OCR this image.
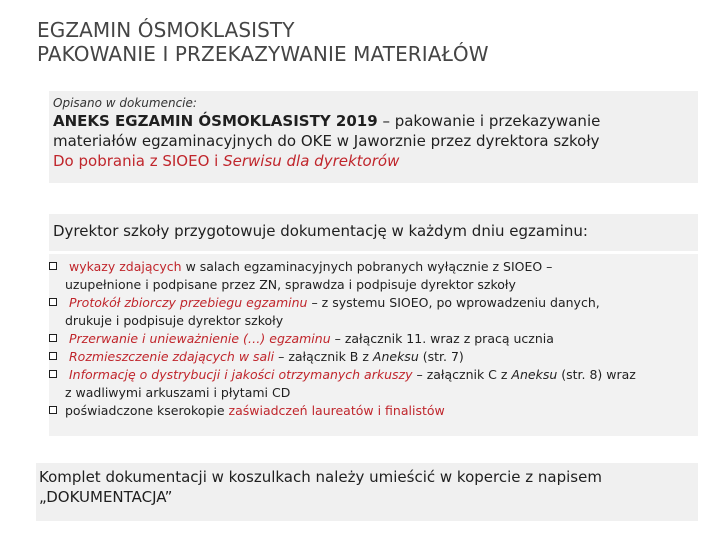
EGZAMIN ÓSMOKLASISTY
PAKOWANIE I PRZEKAZYWANIE MATERIAŁÓW
Opisano w dokumencie:
ANEKS EGZAMIN ÓSMOKLASISTY 2019 – pakowanie i przekazywanie
materiałów egzaminacyjnych do OKE w Jaworznie przez dyrektora szkoły
Do pobrania z SIOEO i Serwisu dla dyrektorów
Dyrektor szkoły przygotowuje dokumentację w każdym dniu egzaminu:
wykazy zdających w salach egzaminacyjnych pobranych wyłącznie z SIOEO –
uzupełnione i podpisane przez ZN, sprawdza i podpisuje dyrektor szkoły
Protokół zbiorczy przebiegu egzaminu – z systemu SIOEO, po wprowadzeniu danych,
drukuje i podpisuje dyrektor szkoły
Przerwanie i unieważnienie (…) egzaminu – załącznik 11. wraz z pracą ucznia
Rozmieszczenie zdających w sali – załącznik B z Aneksu (str. 7)
Informację o dystrybucji i jakości otrzymanych arkuszy – załącznik C z Aneksu (str. 8) wraz
z wadliwymi arkuszami i płytami CD
poświadczone kserokopie zaświadczeń laureatów i finalistów
Komplet dokumentacji w koszulkach należy umieścić w kopercie z napisem
„DOKUMENTACJA”
